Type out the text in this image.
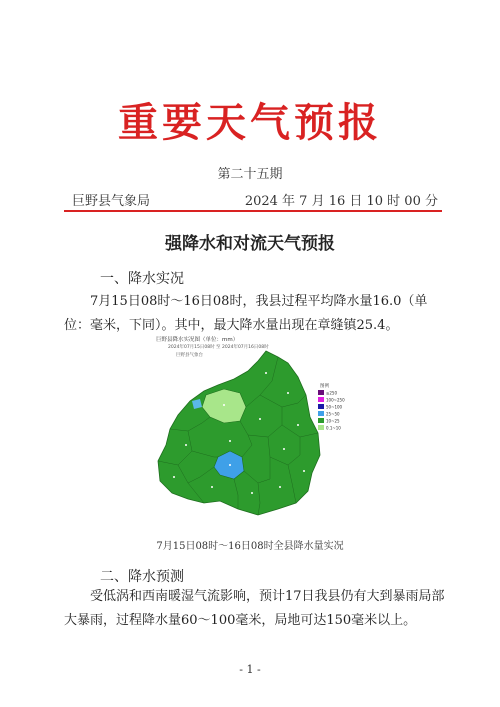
重要天气预报
第二十五期
巨野县气象局	2024 年 7 月 16 日 10 时 00 分
强降水和对流天气预报
一、降水实况
　　7月15日08时～16日08时，我县过程平均降水量16.0（单位：毫米，下同）。其中，最大降水量出现在章缝镇25.4。
巨野县降水实况图（单位：mm）
2024年07月15日08时 至 2024年07月16日08时
巨野县气象台
图例
≥250
100~250
50~100
25~50
10~25
0.1~10
7月15日08时～16日08时全县降水量实况
二、降水预测
　　受低涡和西南暖湿气流影响，预计17日我县仍有大到暴雨局部大暴雨，过程降水量60～100毫米，局地可达150毫米以上。
- 1 -
